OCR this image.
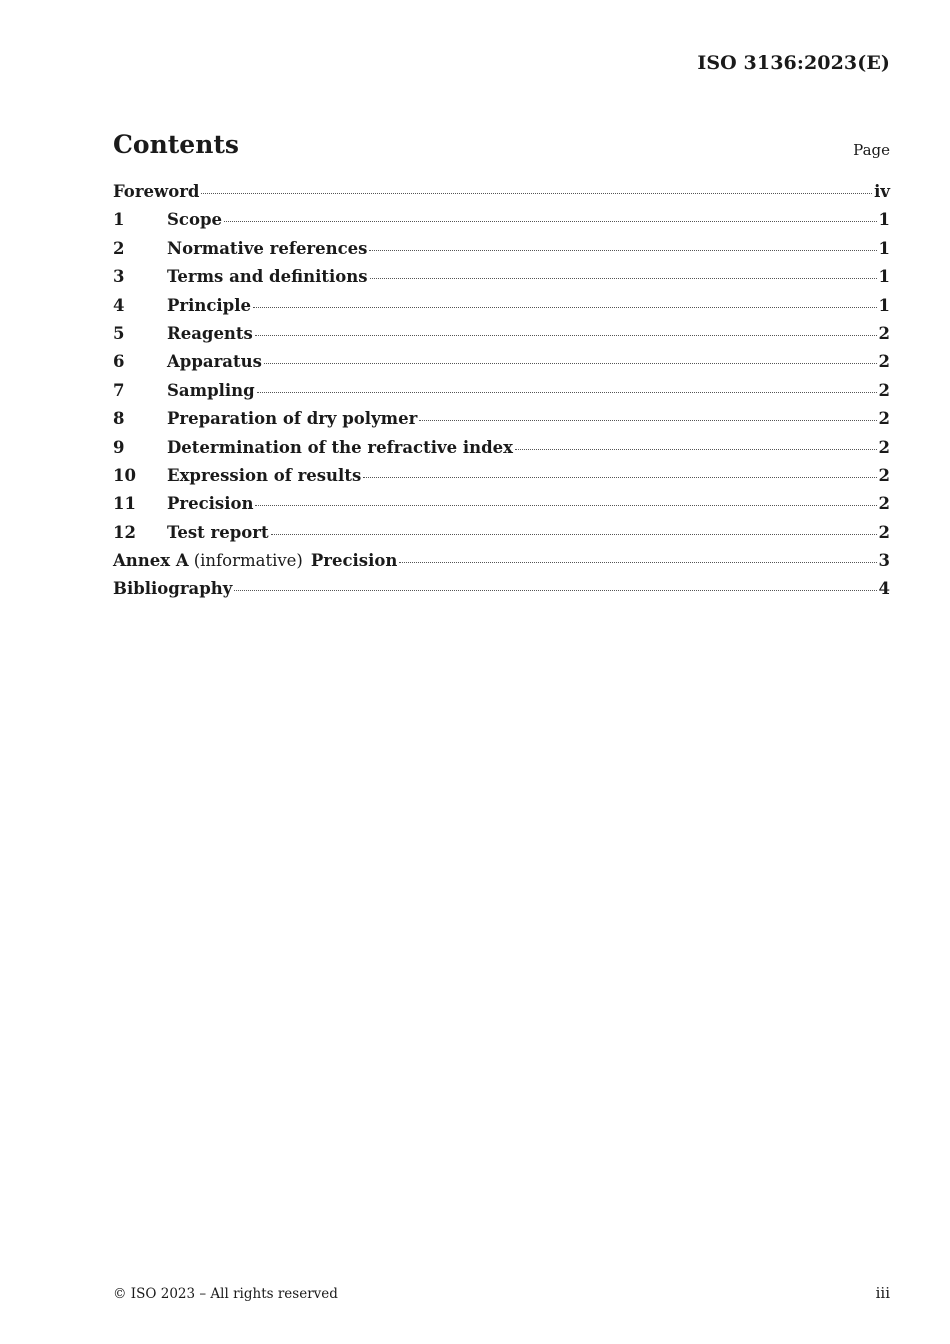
ISO 3136:2023(E)
Contents	Page
Foreword	iv
1	Scope	1
2	Normative references	1
3	Terms and definitions	1
4	Principle	1
5	Reagents	2
6	Apparatus	2
7	Sampling	2
8	Preparation of dry polymer	2
9	Determination of the refractive index	2
10	Expression of results	2
11	Precision	2
12	Test report	2
Annex A (informative) Precision	3
Bibliography	4
© ISO 2023 – All rights reserved	iii
